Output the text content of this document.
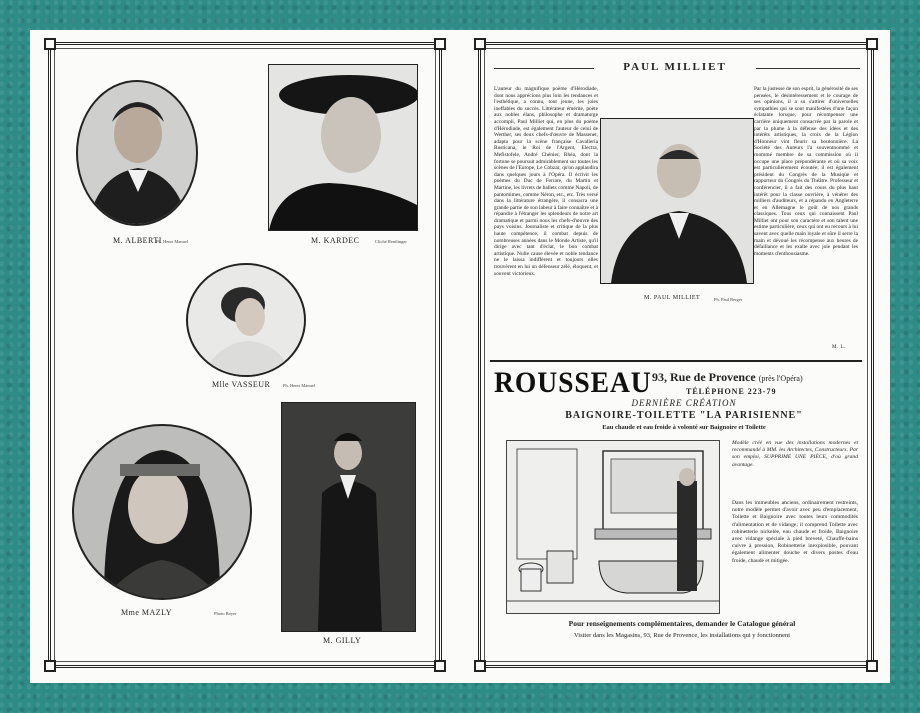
M. ALBERTI
Ph. Henri Manuel	M. KARDEC	Cliché Reutlinger
Mlle VASSEUR	Ph. Henri Manuel
Mme MAZLY	Photo Boyer
M. GILLY
PAUL MILLIET
L'auteur du magnifique poème d'Hérodiade, dont nous apprécions plus loin les tendances et l'esthétique, a connu, tout jeune, les joies ineffables du succès. Littérateur émérite, poète aux nobles élans, philosophe et dramaturge accompli, Paul Milliet qui, en plus du poème d'Hérodiade, est également l'auteur de celui de Werther, ses deux chefs-d'œuvre de Massenet, adapta pour la scène française Cavalleria Rusticana, le Roi de l'Argent, Electra, Mefistofele, André Chénier, Rhéa, dont la fortune se poursuit admirablement sur toutes les scènes de l'Europe, Le Cobzar, qu'on applaudira dans quelques jours à l'Opéra. Il écrivit les poèmes du Duc de Ferrare, du Martin et Martine, les livrets de ballets comme Napoli, de pantomimes, comme Néron, etc., etc. Très versé dans la littérature étrangère, il consacra une grande partie de son labeur à faire connaître et à répandre à l'étranger les splendeurs de notre art dramatique et parmi nous les chefs-d'œuvre des pays voisins. Journaliste et critique de la plus haute compétence, il combat depuis de nombreuses années dans le Monde Artiste, qu'il dirige avec tant d'éclat, le bon combat artistique. Nulle cause élevée et noble tendance ne le laissa indifférent et toujours elles trouvèrent en lui un défenseur zélé, éloquent, et souvent victorieux.
M. PAUL MILLIET	Ph. Paul Berger
Par la justesse de son esprit, la générosité de ses pensées, le désintéressement et le courage de ses opinions, il a su s'attirer d'universelles sympathies qui se sont manifestées d'une façon éclatante lorsque, pour récompenser une carrière uniquement consacrée par la parole et par la plume à la défense des idées et des intérêts artistiques, la croix de la Légion d'Honneur vint fleurir sa boutonnière. La Société des Auteurs l'a souventnommé et rnommé membre de sa commission où il occupe une place prépondérante et où sa voix est particulièrement écoutée; il est également président du Congrès de la Musique et rapporteur du Congrès du Théâtre. Professeur et conférencier, il a fait des cours du plus haut intérêt pour la classe ouvrière, à vénérer des milliers d'auditeurs, et a répandu en Angleterre et en Allemagne le goût de nos grands classiques. Tous ceux qui connaissent Paul Milliet ont pour son caractère et son talent une estime particulière, ceux qui ont eu recours à lui savent avec quelle main loyale et sûre il serre la main et dévoué les récompense aux heures de défaillance et les exalte avec joie pendant les moments d'enthousiasme.
M. L.
ROUSSEAU 93, Rue de Provence (près l'Opéra)
TÉLÉPHONE 223-79
DERNIÈRE CRÉATION
BAIGNOIRE-TOILETTE "LA PARISIENNE"
Eau chaude et eau froide à volonté sur Baignoire et Toilette
Modèle créé en vue des installations modernes et recommandé à MM. les Architectes, Constructeurs. Par son emploi, SUPPRIME UNE PIÈCE, d'où grand avantage.
Dans les immeubles anciens, ordinairement restreints, notre modèle permet d'avoir avec peu d'emplacement, Toilette et Baignoire avec toutes leurs commodités d'alimentation et de vidange; il comprend Toilette avec robinetterie nickelée, eau chaude et froide, Baignoire avec vidange spéciale à pied breveté, Chauffe-bains cuivre à pression, Robinetterie inexplosible, pouvant également alimenter douche et divers postes d'eau froide, chaude et mitigée.
Pour renseignements complémentaires, demander le Catalogue général
Visiter dans les Magasins, 93, Rue de Provence, les installations qui y fonctionnent
